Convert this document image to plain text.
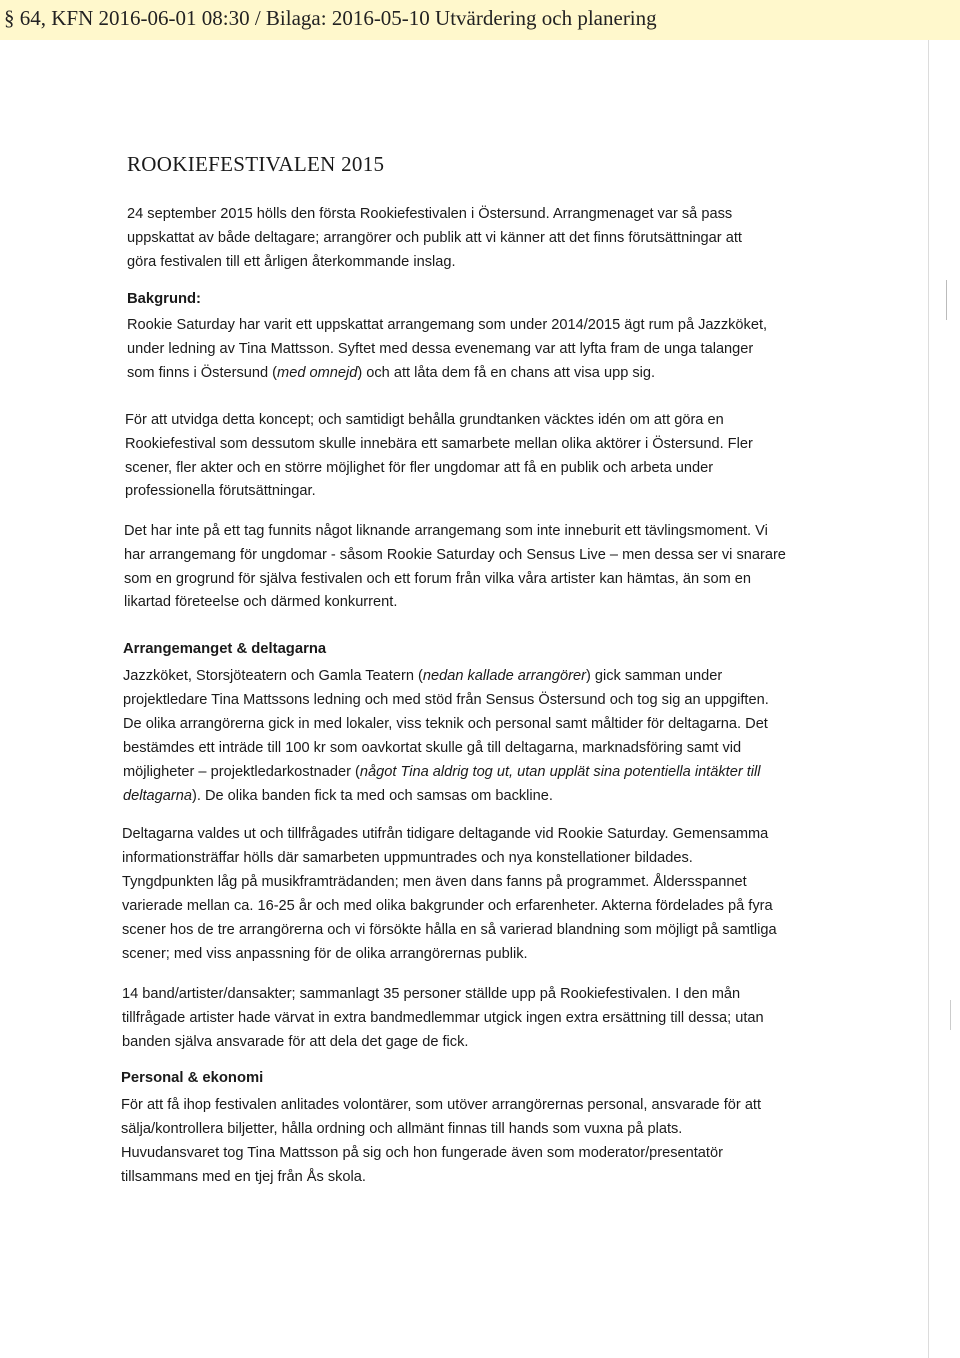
§ 64, KFN 2016-06-01 08:30 / Bilaga: 2016-05-10 Utvärdering och planering
ROOKIEFESTIVALEN 2015

24 september 2015 hölls den första Rookiefestivalen i Östersund. Arrangmenaget var så pass
uppskattat av både deltagare; arrangörer och publik att vi känner att det finns förutsättningar att
göra festivalen till ett årligen återkommande inslag.

Bakgrund:

Rookie Saturday har varit ett uppskattat arrangemang som under 2014/2015 ägt rum på Jazzköket,
under ledning av Tina Mattsson. Syftet med dessa evenemang var att lyfta fram de unga talanger
som finns i Östersund (med omnejd) och att låta dem få en chans att visa upp sig.

För att utvidga detta koncept; och samtidigt behålla grundtanken väcktes idén om att göra en
Rookiefestival som dessutom skulle innebära ett samarbete mellan olika aktörer i Östersund. Fler
scener, fler akter och en större möjlighet för fler ungdomar att få en publik och arbeta under
professionella förutsättningar.

Det har inte på ett tag funnits något liknande arrangemang som inte inneburit ett tävlingsmoment. Vi
har arrangemang för ungdomar - såsom Rookie Saturday och Sensus Live – men dessa ser vi snarare
som en grogrund för själva festivalen och ett forum från vilka våra artister kan hämtas, än som en
likartad företeelse och därmed konkurrent.

Arrangemanget & deltagarna

Jazzköket, Storsjöteatern och Gamla Teatern (nedan kallade arrangörer) gick samman under
projektledare Tina Mattssons ledning och med stöd från Sensus Östersund och tog sig an uppgiften.
De olika arrangörerna gick in med lokaler, viss teknik och personal samt måltider för deltagarna. Det
bestämdes ett inträde till 100 kr som oavkortat skulle gå till deltagarna, marknadsföring samt vid
möjligheter – projektledarkostnader (något Tina aldrig tog ut, utan upplät sina potentiella intäkter till
deltagarna). De olika banden fick ta med och samsas om backline.

Deltagarna valdes ut och tillfrågades utifrån tidigare deltagande vid Rookie Saturday. Gemensamma
informationsträffar hölls där samarbeten uppmuntrades och nya konstellationer bildades.
Tyngdpunkten låg på musikframträdanden; men även dans fanns på programmet. Åldersspannet
varierade mellan ca. 16-25 år och med olika bakgrunder och erfarenheter. Akterna fördelades på fyra
scener hos de tre arrangörerna och vi försökte hålla en så varierad blandning som möjligt på samtliga
scener; med viss anpassning för de olika arrangörernas publik.

14 band/artister/dansakter; sammanlagt 35 personer ställde upp på Rookiefestivalen. I den mån
tillfrågade artister hade värvat in extra bandmedlemmar utgick ingen extra ersättning till dessa; utan
banden själva ansvarade för att dela det gage de fick.

Personal & ekonomi

För att få ihop festivalen anlitades volontärer, som utöver arrangörernas personal, ansvarade för att
sälja/kontrollera biljetter, hålla ordning och allmänt finnas till hands som vuxna på plats.
Huvudansvaret tog Tina Mattsson på sig och hon fungerade även som moderator/presentatör
tillsammans med en tjej från Ås skola.
